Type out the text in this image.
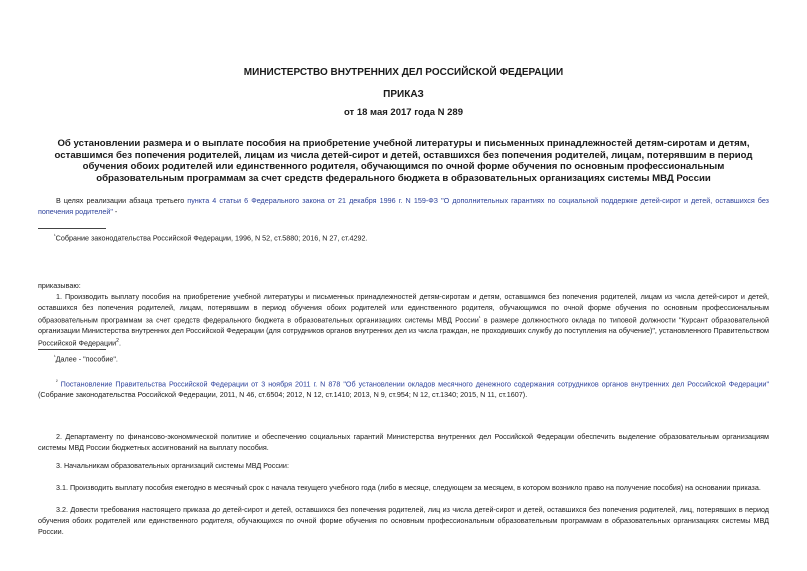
МИНИСТЕРСТВО ВНУТРЕННИХ ДЕЛ РОССИЙСКОЙ ФЕДЕРАЦИИ
ПРИКАЗ
от 18 мая 2017 года N 289
Об установлении размера и о выплате пособия на приобретение учебной литературы и письменных принадлежностей детям-сиротам и детям, оставшимся без попечения родителей, лицам из числа детей-сирот и детей, оставшихся без попечения родителей, лицам, потерявшим в период обучения обоих родителей или единственного родителя, обучающимся по очной форме обучения по основным профессиональным образовательным программам за счет средств федерального бюджета в образовательных организациях системы МВД России
В целях реализации абзаца третьего пункта 4 статьи 6 Федерального закона от 21 декабря 1996 г. N 159-ФЗ "О дополнительных гарантиях по социальной поддержке детей-сирот и детей, оставшихся без попечения родителей" -
$^{^1}$Собрание законодательства Российской Федерации, 1996, N 52, ст.5880; 2016, N 27, ст.4292.
приказываю:
1. Производить выплату пособия на приобретение учебной литературы и письменных принадлежностей детям-сиротам и детям, оставшимся без попечения родителей, лицам из числа детей-сирот и детей, оставшихся без попечения родителей, лицам, потерявшим в период обучения обоих родителей или единственного родителя, обучающимся по очной форме обучения по основным профессиональным образовательным программам за счет средств федерального бюджета в образовательных организациях системы МВД России$^{^1}$ в размере должностного оклада по типовой должности "Курсант образовательной организации Министерства внутренних дел Российской Федерации (для сотрудников органов внутренних дел из числа граждан, не проходивших службу до поступления на обучение)", установленного Правительством Российской Федерации$^2$.
$^{^1}$Далее - "пособие".
$^{^2}$ Постановление Правительства Российской Федерации от 3 ноября 2011 г. N 878 "Об установлении окладов месячного денежного содержания сотрудников органов внутренних дел Российской Федерации" (Собрание законодательства Российской Федерации, 2011, N 46, ст.6504; 2012, N 12, ст.1410; 2013, N 9, ст.954; N 12, ст.1340; 2015, N 11, ст.1607).
2. Департаменту по финансово-экономической политике и обеспечению социальных гарантий Министерства внутренних дел Российской Федерации обеспечить выделение образовательным организациям системы МВД России бюджетных ассигнований на выплату пособия.
3. Начальникам образовательных организаций системы МВД России:
3.1. Производить выплату пособия ежегодно в месячный срок с начала текущего учебного года (либо в месяце, следующем за месяцем, в котором возникло право на получение пособия) на основании приказа.
3.2. Довести требования настоящего приказа до детей-сирот и детей, оставшихся без попечения родителей, лиц из числа детей-сирот и детей, оставшихся без попечения родителей, лиц, потерявших в период обучения обоих родителей или единственного родителя, обучающихся по очной форме обучения по основным профессиональным образовательным программам в образовательных организациях системы МВД России.
